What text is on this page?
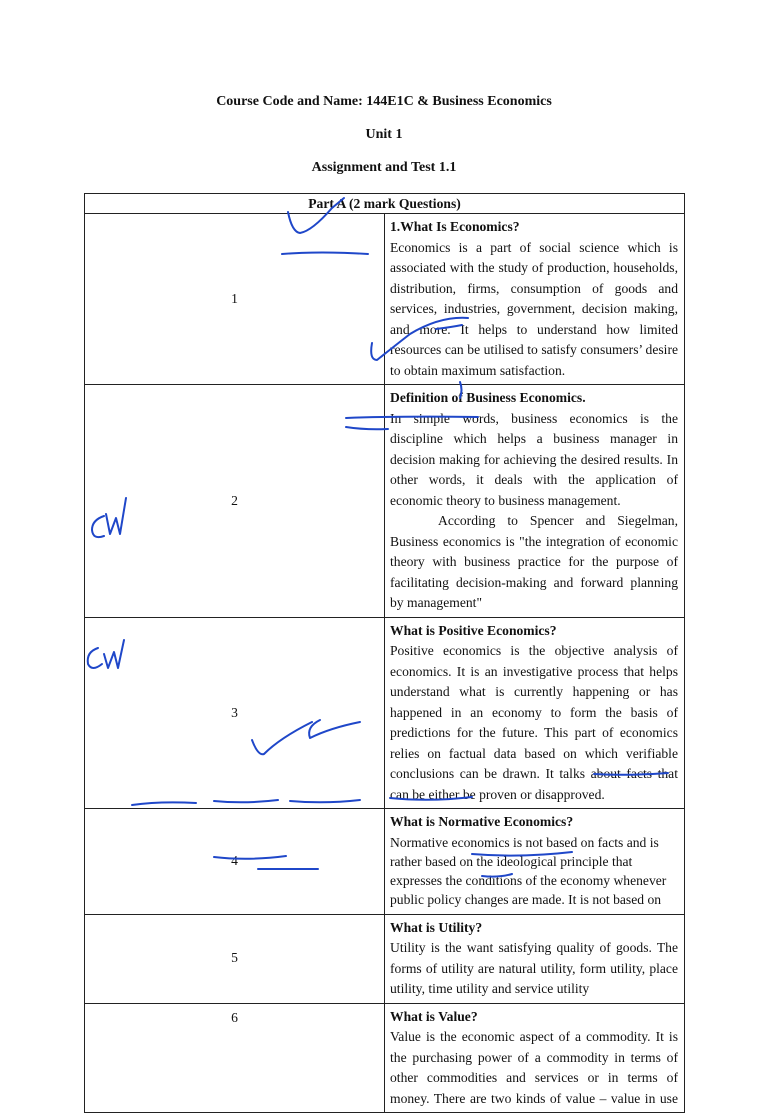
Course Code and Name: 144E1C & Business Economics
Unit 1
Assignment and Test 1.1
Part A (2 mark Questions)	
1	1.What Is Economics?
Economics is a part of social science which is associated with the study of production, households, distribution, firms, consumption of goods and services, industries, government, decision making, and more. It helps to understand how limited resources can be utilised to satisfy consumers’ desire to obtain maximum satisfaction.

2	Definition of Business Economics.
In simple words, business economics is the discipline which helps a business manager in decision making for achieving the desired results. In other words, it deals with the application of economic theory to business management.
According to Spencer and Siegelman, Business economics is "the integration of economic theory with business practice for the purpose of facilitating decision-making and forward planning by management"

3	What is Positive Economics?
Positive economics is the objective analysis of economics. It is an investigative process that helps understand what is currently happening or has happened in an economy to form the basis of predictions for the future. This part of economics relies on factual data based on which verifiable conclusions can be drawn. It talks about facts that can be either be proven or disapproved.

4	What is Normative Economics?
Normative economics is not based on facts and is rather based on the ideological principle that expresses the conditions of the economy whenever public policy changes are made. It is not based on

5	What is Utility?
Utility is the want satisfying quality of goods. The forms of utility are natural utility, form utility, place utility, time utility and service utility

6	What is Value?
Value is the economic aspect of a commodity. It is the purchasing power of a commodity in terms of other commodities and services or in terms of money. There are two kinds of value – value in use
